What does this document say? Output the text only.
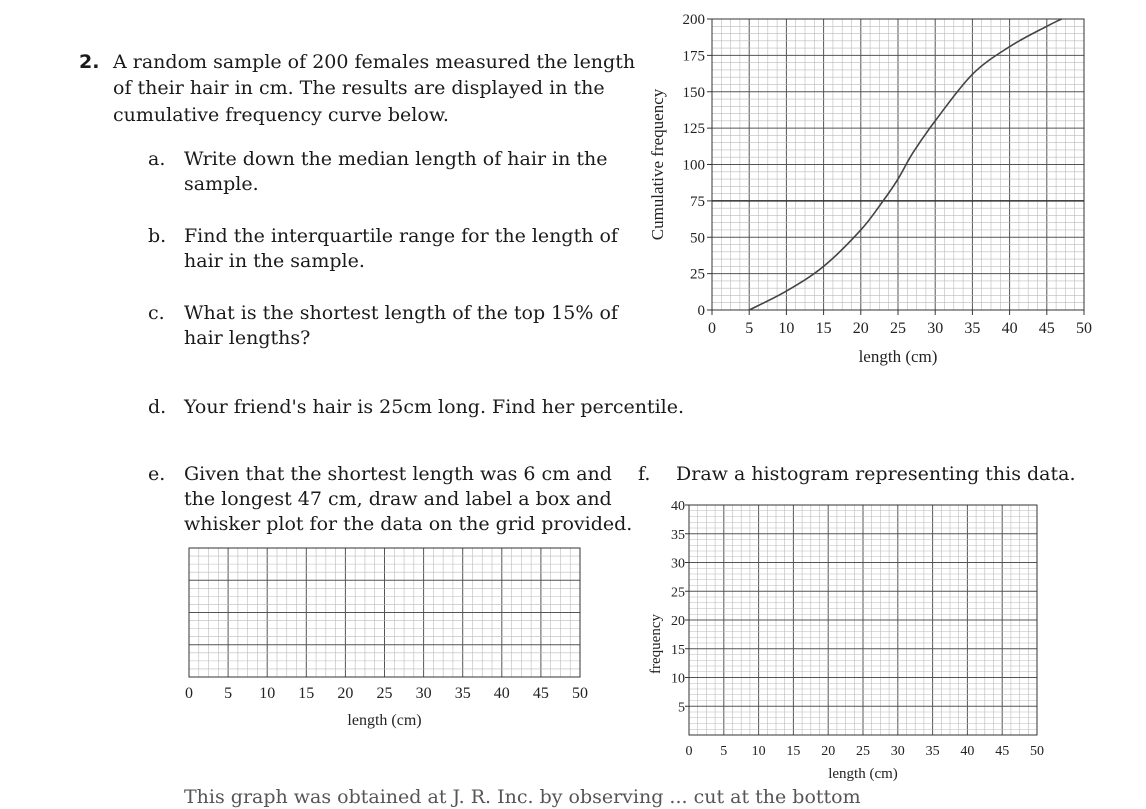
2. A random sample of 200 females measured the length
of their hair in cm. The results are displayed in the
cumulative frequency curve below.
a. Write down the median length of hair in the
sample.
b. Find the interquartile range for the length of
hair in the sample.
c. What is the shortest length of the top 15% of
hair lengths?
d. Your friend's hair is 25cm long. Find her percentile.
e. Given that the shortest length was 6 cm and
the longest 47 cm, draw and label a box and
whisker plot for the data on the grid provided.
f. Draw a histogram representing this data.
This graph was obtained at J. R. Inc. by observing ... cut at the bottom
0
25
50
75
100
125
150
175
200
0 5 10 15 20 25 30 35 40 45 50
length (cm)
Cumulative frequency
0 5 10 15 20 25 30 35 40 45 50
length (cm)
5
10
15
20
25
30
35
40
0 5 10 15 20 25 30 35 40 45 50
length (cm)
frequency
